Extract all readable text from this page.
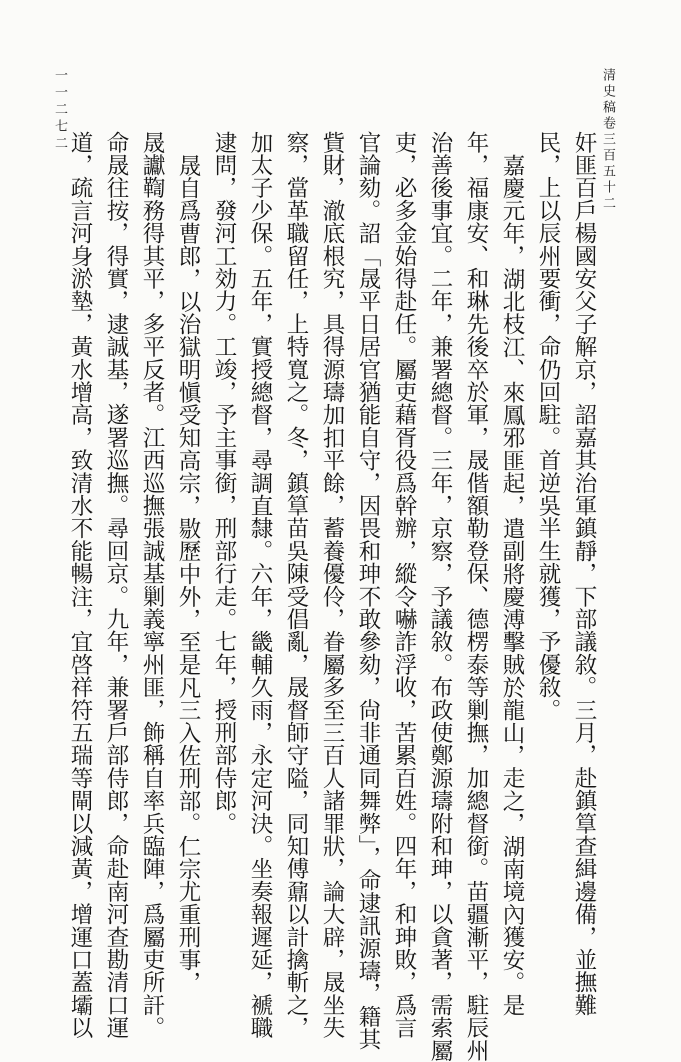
清史稿卷三百五十二
一一二七二
奸匪百戶楊國安父子解京，詔嘉其治軍鎮靜，下部議敘。三月，赴鎮筸查緝邊備，並撫難
民，上以辰州要衝，命仍回駐。首逆吳半生就獲，予優敘。
嘉慶元年，湖北枝江、來鳳邪匪起，遣副將慶溥擊賊於龍山，走之，湖南境內獲安。是
年，福康安、和琳先後卒於軍，晟偕額勒登保、德楞泰等剿撫，加總督銜。苗疆漸平，駐辰州
治善後事宜。二年，兼署總督。三年，京察，予議敘。布政使鄭源璹附和珅，以貪著，需索屬
吏，必多金始得赴任。屬吏藉胥役爲幹辦，縱令嚇詐浮收，苦累百姓。四年，和珅敗，爲言
官論劾。詔「晟平日居官猶能自守，因畏和珅不敢參劾，尙非通同舞弊」，命逮訊源璹，籍其
貲財，澈底根究，具得源璹加扣平餘，蓄養優伶，眷屬多至三百人諸罪狀，論大辟，晟坐失
察，當革職留任，上特寬之。冬，鎮筸苗吳陳受倡亂，晟督師守隘，同知傅鼐以計擒斬之，
加太子少保。五年，實授總督，尋調直隸。六年，畿輔久雨，永定河決。坐奏報遲延，褫職
逮問，發河工効力。工竣，予主事銜，刑部行走。七年，授刑部侍郎。
晟自爲曹郎，以治獄明愼受知高宗，敭歷中外，至是凡三入佐刑部。仁宗尤重刑事，
晟讞鞫務得其平，多平反者。江西巡撫張誠基剿義寧州匪，飾稱自率兵臨陣，爲屬吏所訐。
命晟往按，得實，逮誠基，遂署巡撫。尋回京。九年，兼署戶部侍郎，命赴南河查勘清口運
道，疏言河身淤墊，黃水增高，致清水不能暢注，宜啓祥符五瑞等閘以減黃，增運口蓋壩以
